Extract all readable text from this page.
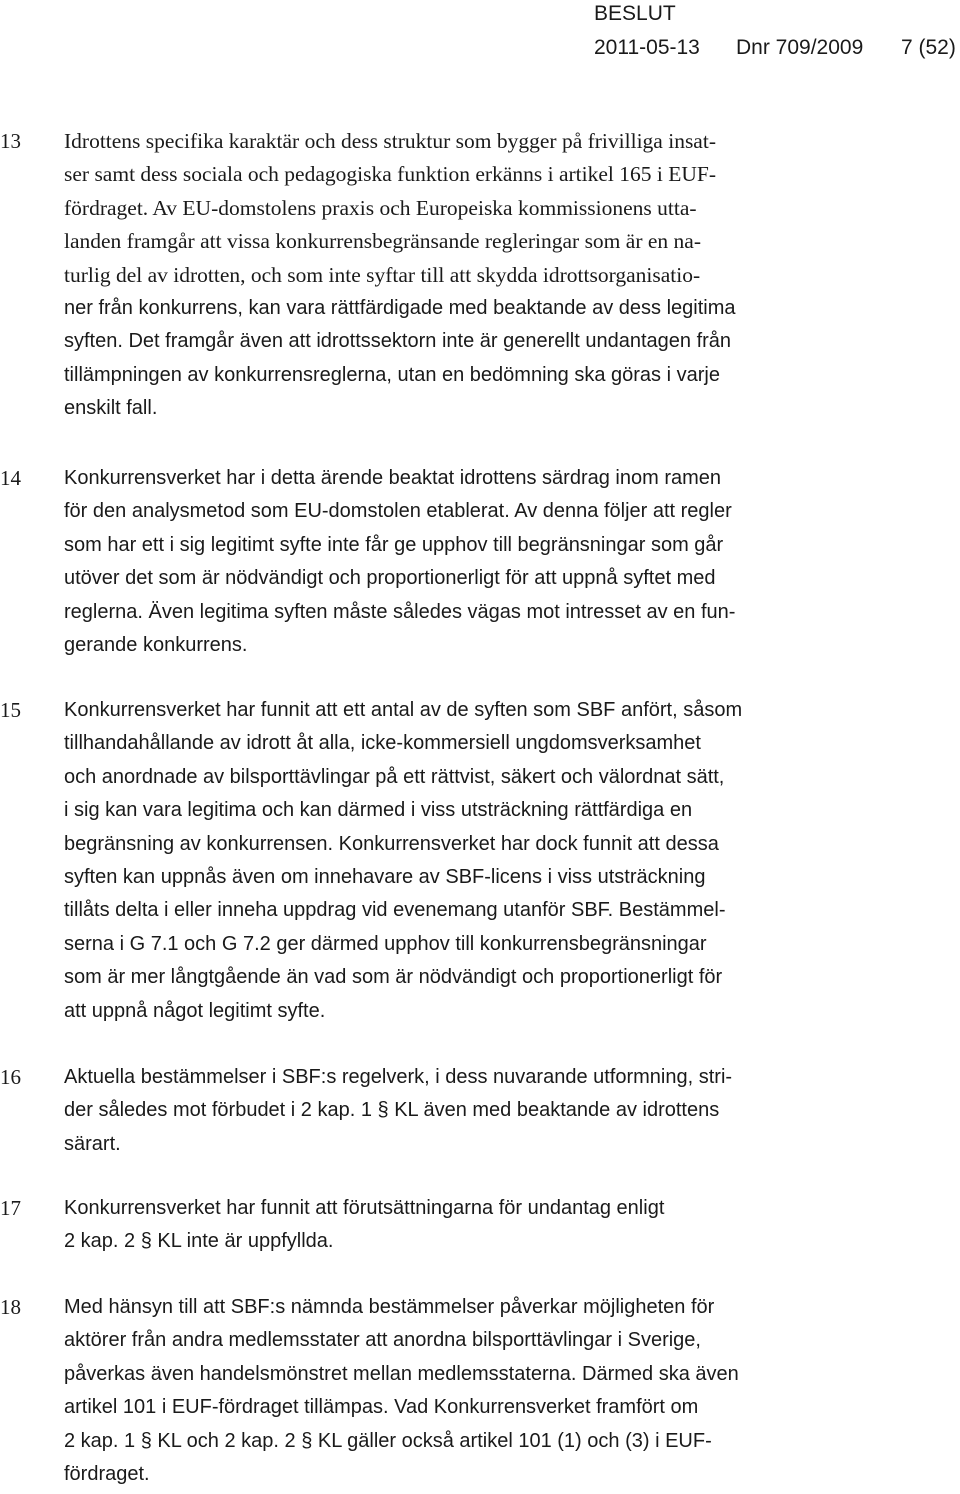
BESLUT
2011-05-13 Dnr 709/2009 7 (52)
13	Idrottens specifika karaktär och dess struktur som bygger på frivilliga insat-
ser samt dess sociala och pedagogiska funktion erkänns i artikel 165 i EUF-
fördraget. Av EU-domstolens praxis och Europeiska kommissionens utta-
landen framgår att vissa konkurrensbegränsande regleringar som är en na-
turlig del av idrotten, och som inte syftar till att skydda idrottsorganisatio-
ner från konkurrens, kan vara rättfärdigade med beaktande av dess legitima
syften. Det framgår även att idrottssektorn inte är generellt undantagen från
tillämpningen av konkurrensreglerna, utan en bedömning ska göras i varje
enskilt fall.
14	Konkurrensverket har i detta ärende beaktat idrottens särdrag inom ramen
för den analysmetod som EU-domstolen etablerat. Av denna följer att regler
som har ett i sig legitimt syfte inte får ge upphov till begränsningar som går
utöver det som är nödvändigt och proportionerligt för att uppnå syftet med
reglerna. Även legitima syften måste således vägas mot intresset av en fun-
gerande konkurrens.
15	Konkurrensverket har funnit att ett antal av de syften som SBF anfört, såsom
tillhandahållande av idrott åt alla, icke-kommersiell ungdomsverksamhet
och anordnade av bilsporttävlingar på ett rättvist, säkert och välordnat sätt,
i sig kan vara legitima och kan därmed i viss utsträckning rättfärdiga en
begränsning av konkurrensen. Konkurrensverket har dock funnit att dessa
syften kan uppnås även om innehavare av SBF-licens i viss utsträckning
tillåts delta i eller inneha uppdrag vid evenemang utanför SBF. Bestämmel-
serna i G 7.1 och G 7.2 ger därmed upphov till konkurrensbegränsningar
som är mer långtgående än vad som är nödvändigt och proportionerligt för
att uppnå något legitimt syfte.
16	Aktuella bestämmelser i SBF:s regelverk, i dess nuvarande utformning, stri-
der således mot förbudet i 2 kap. 1 § KL även med beaktande av idrottens
särart.
17	Konkurrensverket har funnit att förutsättningarna för undantag enligt
2 kap. 2 § KL inte är uppfyllda.
18	Med hänsyn till att SBF:s nämnda bestämmelser påverkar möjligheten för
aktörer från andra medlemsstater att anordna bilsporttävlingar i Sverige,
påverkas även handelsmönstret mellan medlemsstaterna. Därmed ska även
artikel 101 i EUF-fördraget tillämpas. Vad Konkurrensverket framfört om
2 kap. 1 § KL och 2 kap. 2 § KL gäller också artikel 101 (1) och (3) i EUF-
fördraget.
